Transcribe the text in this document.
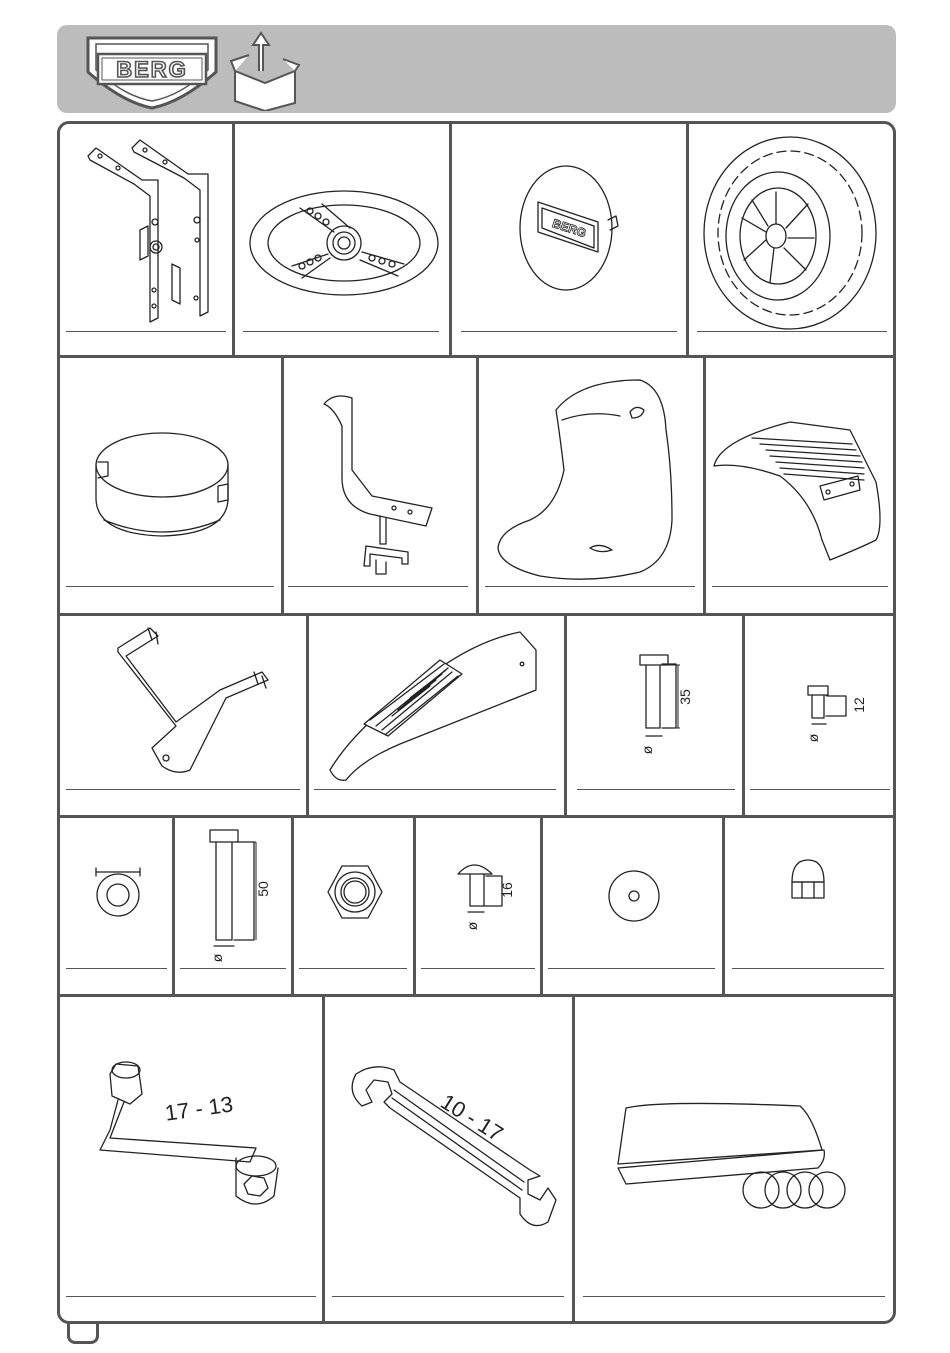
BERG
BERG
35
ø
12
ø
50
ø
16
ø
17 - 13	10 - 17
